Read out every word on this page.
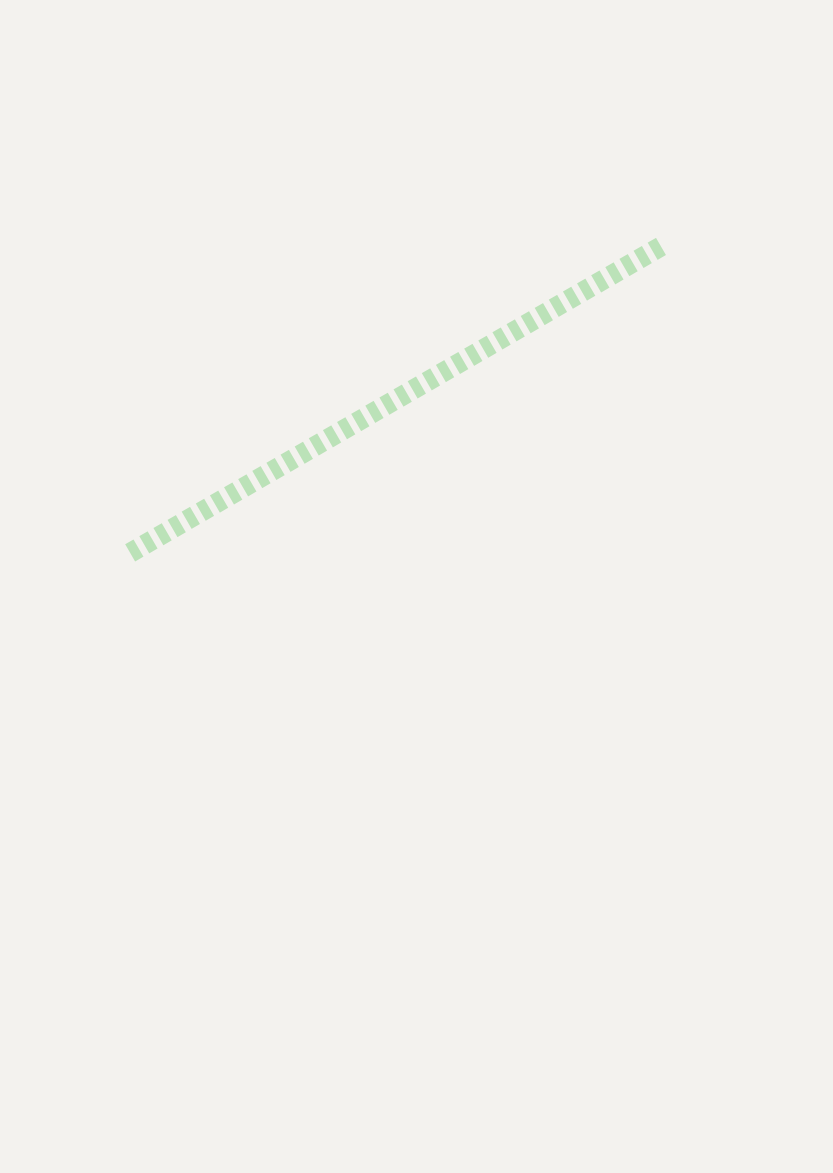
▮▮▮▮▮▮▮▮▮▮▮▮▮▮▮▮▮▮▮▮▮▮▮▮▮▮▮▮▮▮▮▮▮▮▮▮▮▮
